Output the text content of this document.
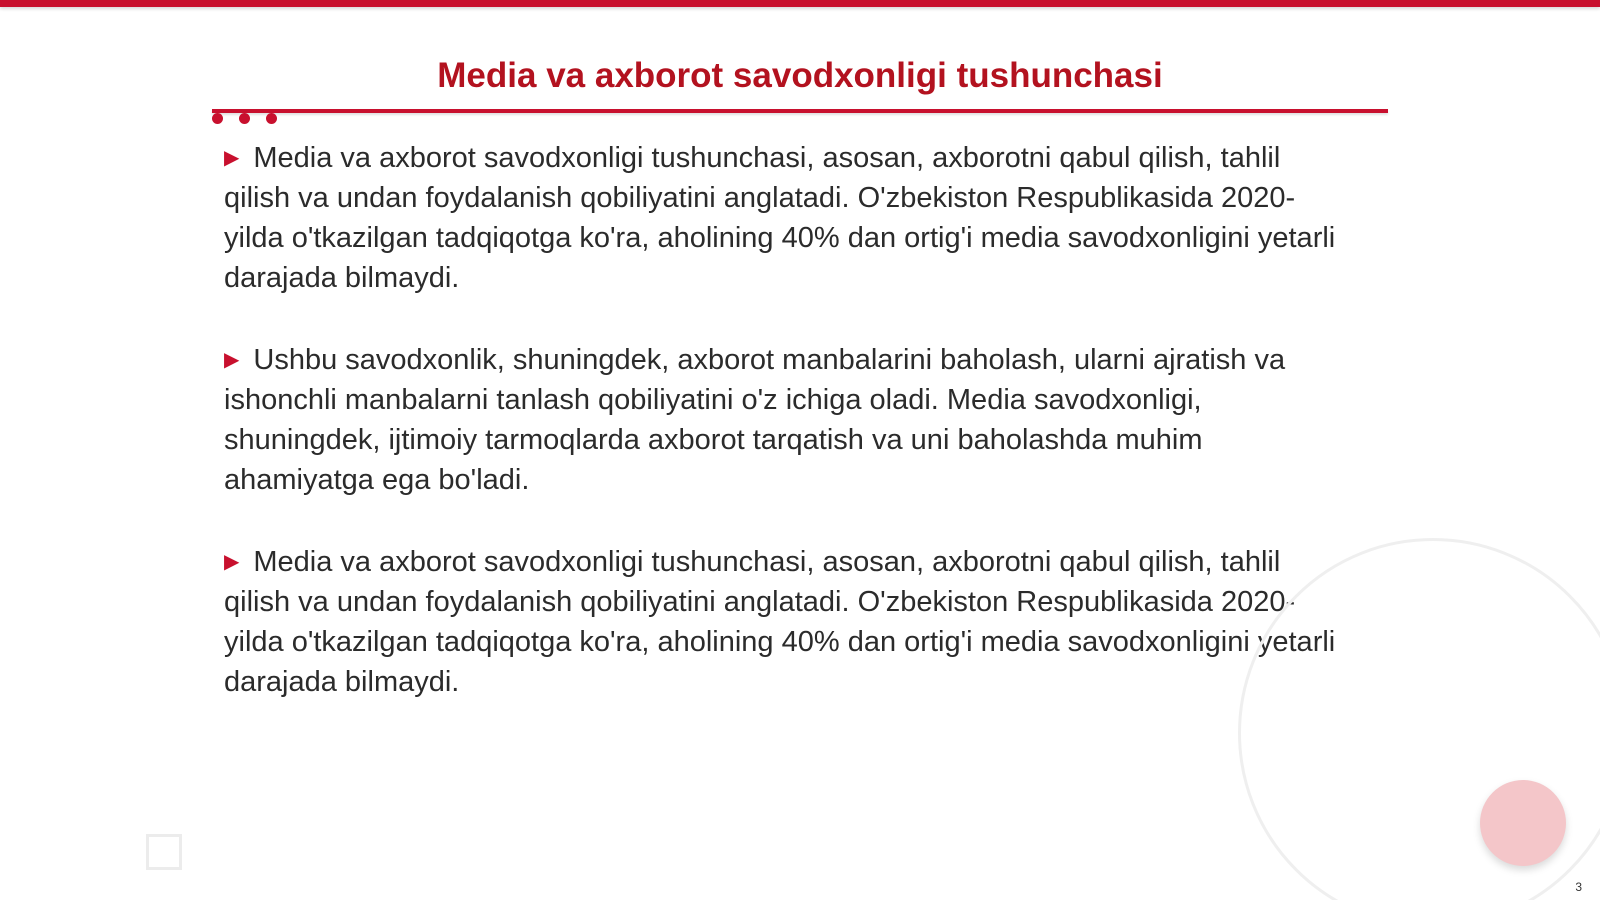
Media va axborot savodxonligi tushunchasi

▶ Media va axborot savodxonligi tushunchasi, asosan, axborotni qabul qilish, tahlil qilish va undan foydalanish qobiliyatini anglatadi. O'zbekiston Respublikasida 2020-yilda o'tkazilgan tadqiqotga ko'ra, aholining 40% dan ortig'i media savodxonligini yetarli darajada bilmaydi.

▶ Ushbu savodxonlik, shuningdek, axborot manbalarini baholash, ularni ajratish va ishonchli manbalarni tanlash qobiliyatini o'z ichiga oladi. Media savodxonligi, shuningdek, ijtimoiy tarmoqlarda axborot tarqatish va uni baholashda muhim ahamiyatga ega bo'ladi.

▶ Media va axborot savodxonligi tushunchasi, asosan, axborotni qabul qilish, tahlil qilish va undan foydalanish qobiliyatini anglatadi. O'zbekiston Respublikasida 2020-yilda o'tkazilgan tadqiqotga ko'ra, aholining 40% dan ortig'i media savodxonligini yetarli darajada bilmaydi.

3
